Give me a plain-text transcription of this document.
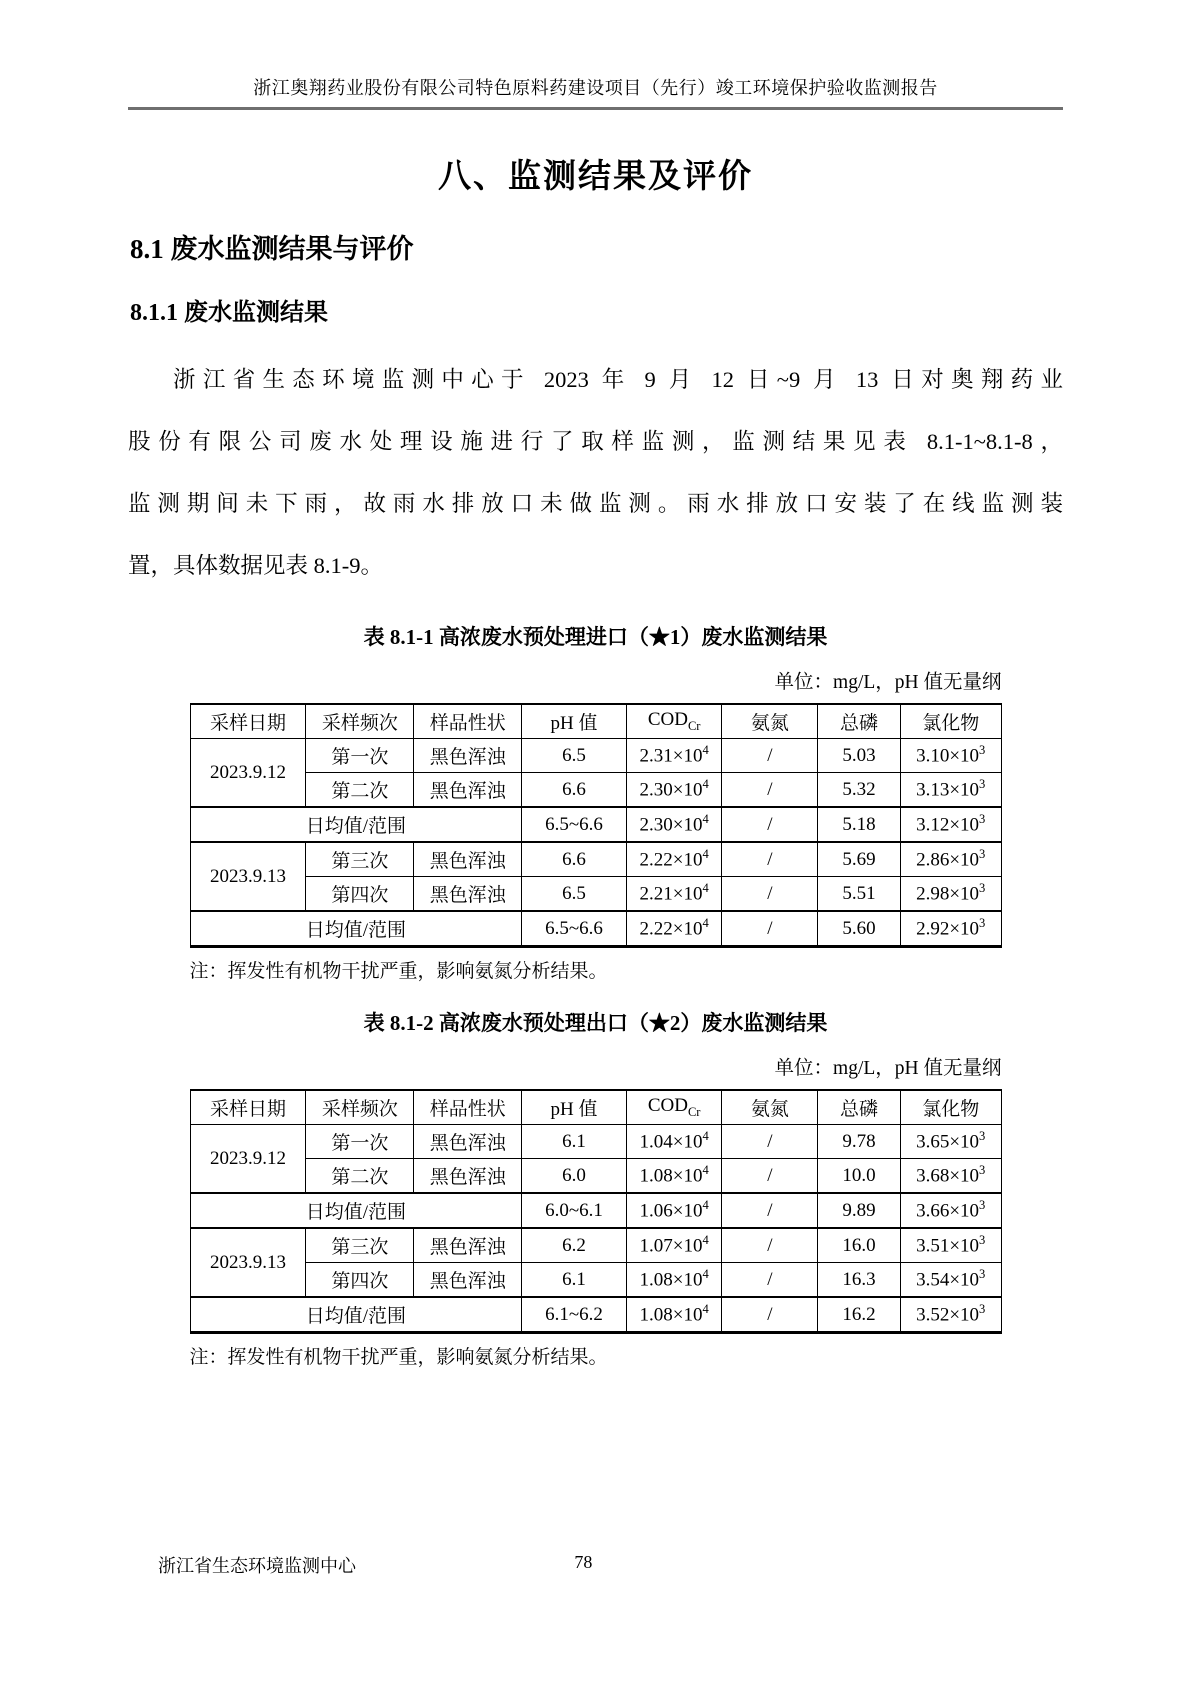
浙江奥翔药业股份有限公司特色原料药建设项目（先行）竣工环境保护验收监测报告
八、监测结果及评价
8.1 废水监测结果与评价
8.1.1 废水监测结果
浙江省生态环境监测中心于 2023 年 9 月 12 日~9 月 13 日对奥翔药业
股份有限公司废水处理设施进行了取样监测，监测结果见表 8.1-1~8.1-8，
监测期间未下雨，故雨水排放口未做监测。雨水排放口安装了在线监测装
置，具体数据见表 8.1-9。
表 8.1-1 高浓废水预处理进口（★1）废水监测结果
单位：mg/L，pH 值无量纲
采样日期	采样频次	样品性状	pH 值	$COD_{Cr}$	氨氮	总磷	氯化物
2023.9.12	第一次	黑色浑浊	6.5	$2.31\times 10^4$	/	5.03	$3.10\times 10^3$
	第二次	黑色浑浊	6.6	$2.30\times 10^4$	/	5.32	$3.13\times 10^3$
日均值/范围			6.5~6.6	$2.30\times 10^4$	/	5.18	$3.12\times 10^3$
2023.9.13	第三次	黑色浑浊	6.6	$2.22\times 10^4$	/	5.69	$2.86\times 10^3$
	第四次	黑色浑浊	6.5	$2.21\times 10^4$	/	5.51	$2.98\times 10^3$
日均值/范围			6.5~6.6	$2.22\times 10^4$	/	5.60	$2.92\times 10^3$
注：挥发性有机物干扰严重，影响氨氮分析结果。
表 8.1-2 高浓废水预处理出口（★2）废水监测结果
单位：mg/L，pH 值无量纲
采样日期	采样频次	样品性状	pH 值	$COD_{Cr}$	氨氮	总磷	氯化物
2023.9.12	第一次	黑色浑浊	6.1	$1.04\times 10^4$	/	9.78	$3.65\times 10^3$
	第二次	黑色浑浊	6.0	$1.08\times 10^4$	/	10.0	$3.68\times 10^3$
日均值/范围			6.0~6.1	$1.06\times 10^4$	/	9.89	$3.66\times 10^3$
2023.9.13	第三次	黑色浑浊	6.2	$1.07\times 10^4$	/	16.0	$3.51\times 10^3$
	第四次	黑色浑浊	6.1	$1.08\times 10^4$	/	16.3	$3.54\times 10^3$
日均值/范围			6.1~6.2	$1.08\times 10^4$	/	16.2	$3.52\times 10^3$
注：挥发性有机物干扰严重，影响氨氮分析结果。
浙江省生态环境监测中心	78
